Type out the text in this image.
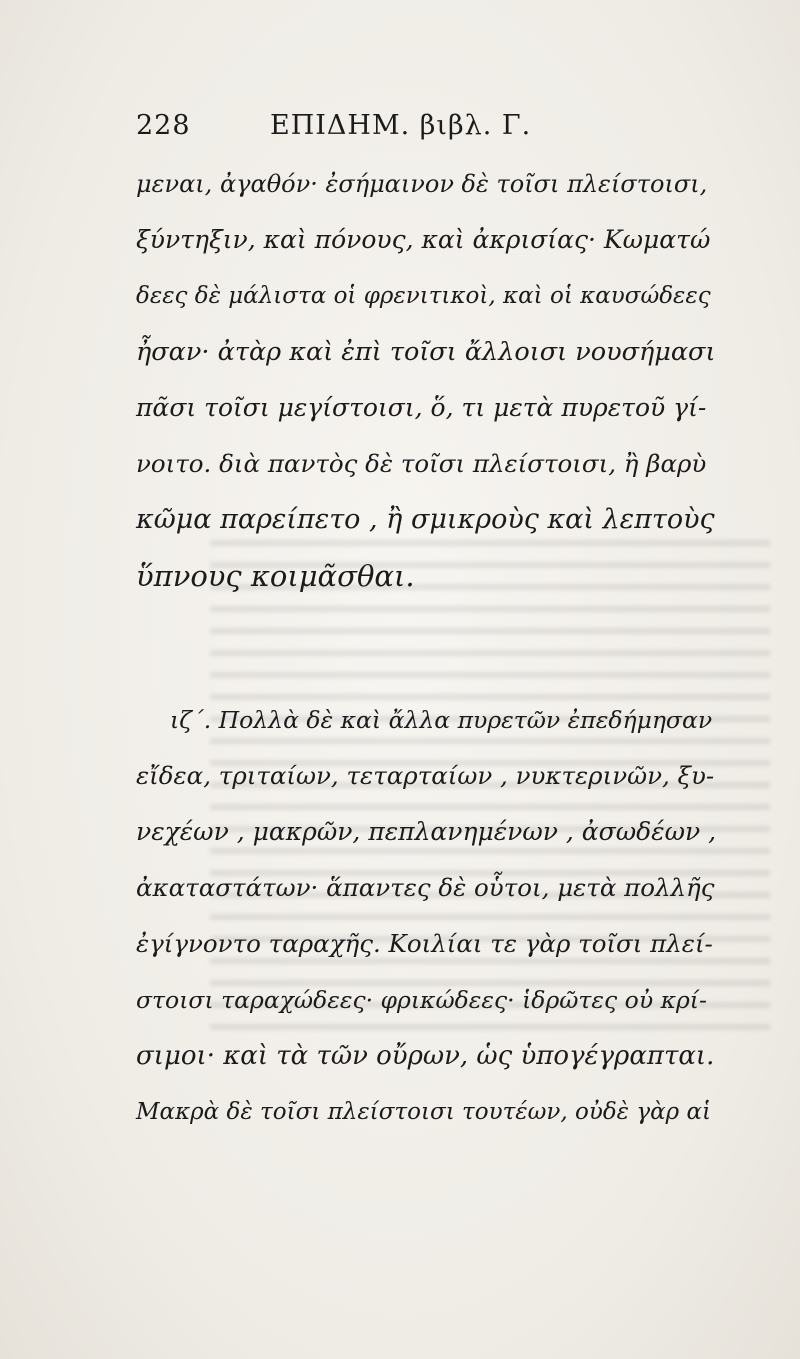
228	ΕΠΙΔΗΜ. βιβλ. Γ.
μεναι, ἀγαθόν· ἐσήμαινον δὲ τοῖσι πλείστοισι,
ξύντηξιν, καὶ πόνους, καὶ ἀκρισίας· Κωματώ
δεες δὲ μάλιστα οἱ φρενιτικοὶ, καὶ οἱ καυσώδεες
ἦσαν· ἀτὰρ καὶ ἐπὶ τοῖσι ἄλλοισι νουσήμασι
πᾶσι τοῖσι μεγίστοισι, ὅ, τι μετὰ πυρετοῦ γί-
νοιτο. διὰ παντὸς δὲ τοῖσι πλείστοισι, ἢ βαρὺ
κῶμα παρείπετο , ἢ σμικροὺς καὶ λεπτοὺς
ὕπνους κοιμᾶσθαι.
ιζ΄. Πολλὰ δὲ καὶ ἄλλα πυρετῶν ἐπεδήμησαν
εἴδεα, τριταίων, τεταρταίων , νυκτερινῶν, ξυ-
νεχέων , μακρῶν, πεπλανημένων , ἀσωδέων ,
ἀκαταστάτων· ἅπαντες δὲ οὗτοι, μετὰ πολλῆς
ἐγίγνοντο ταραχῆς. Κοιλίαι τε γὰρ τοῖσι πλεί-
στοισι ταραχώδεες· φρικώδεες· ἱδρῶτες οὐ κρί-
σιμοι· καὶ τὰ τῶν οὔρων, ὡς ὑπογέγραπται.
Μακρὰ δὲ τοῖσι πλείστοισι τουτέων, οὐδὲ γὰρ αἱ
